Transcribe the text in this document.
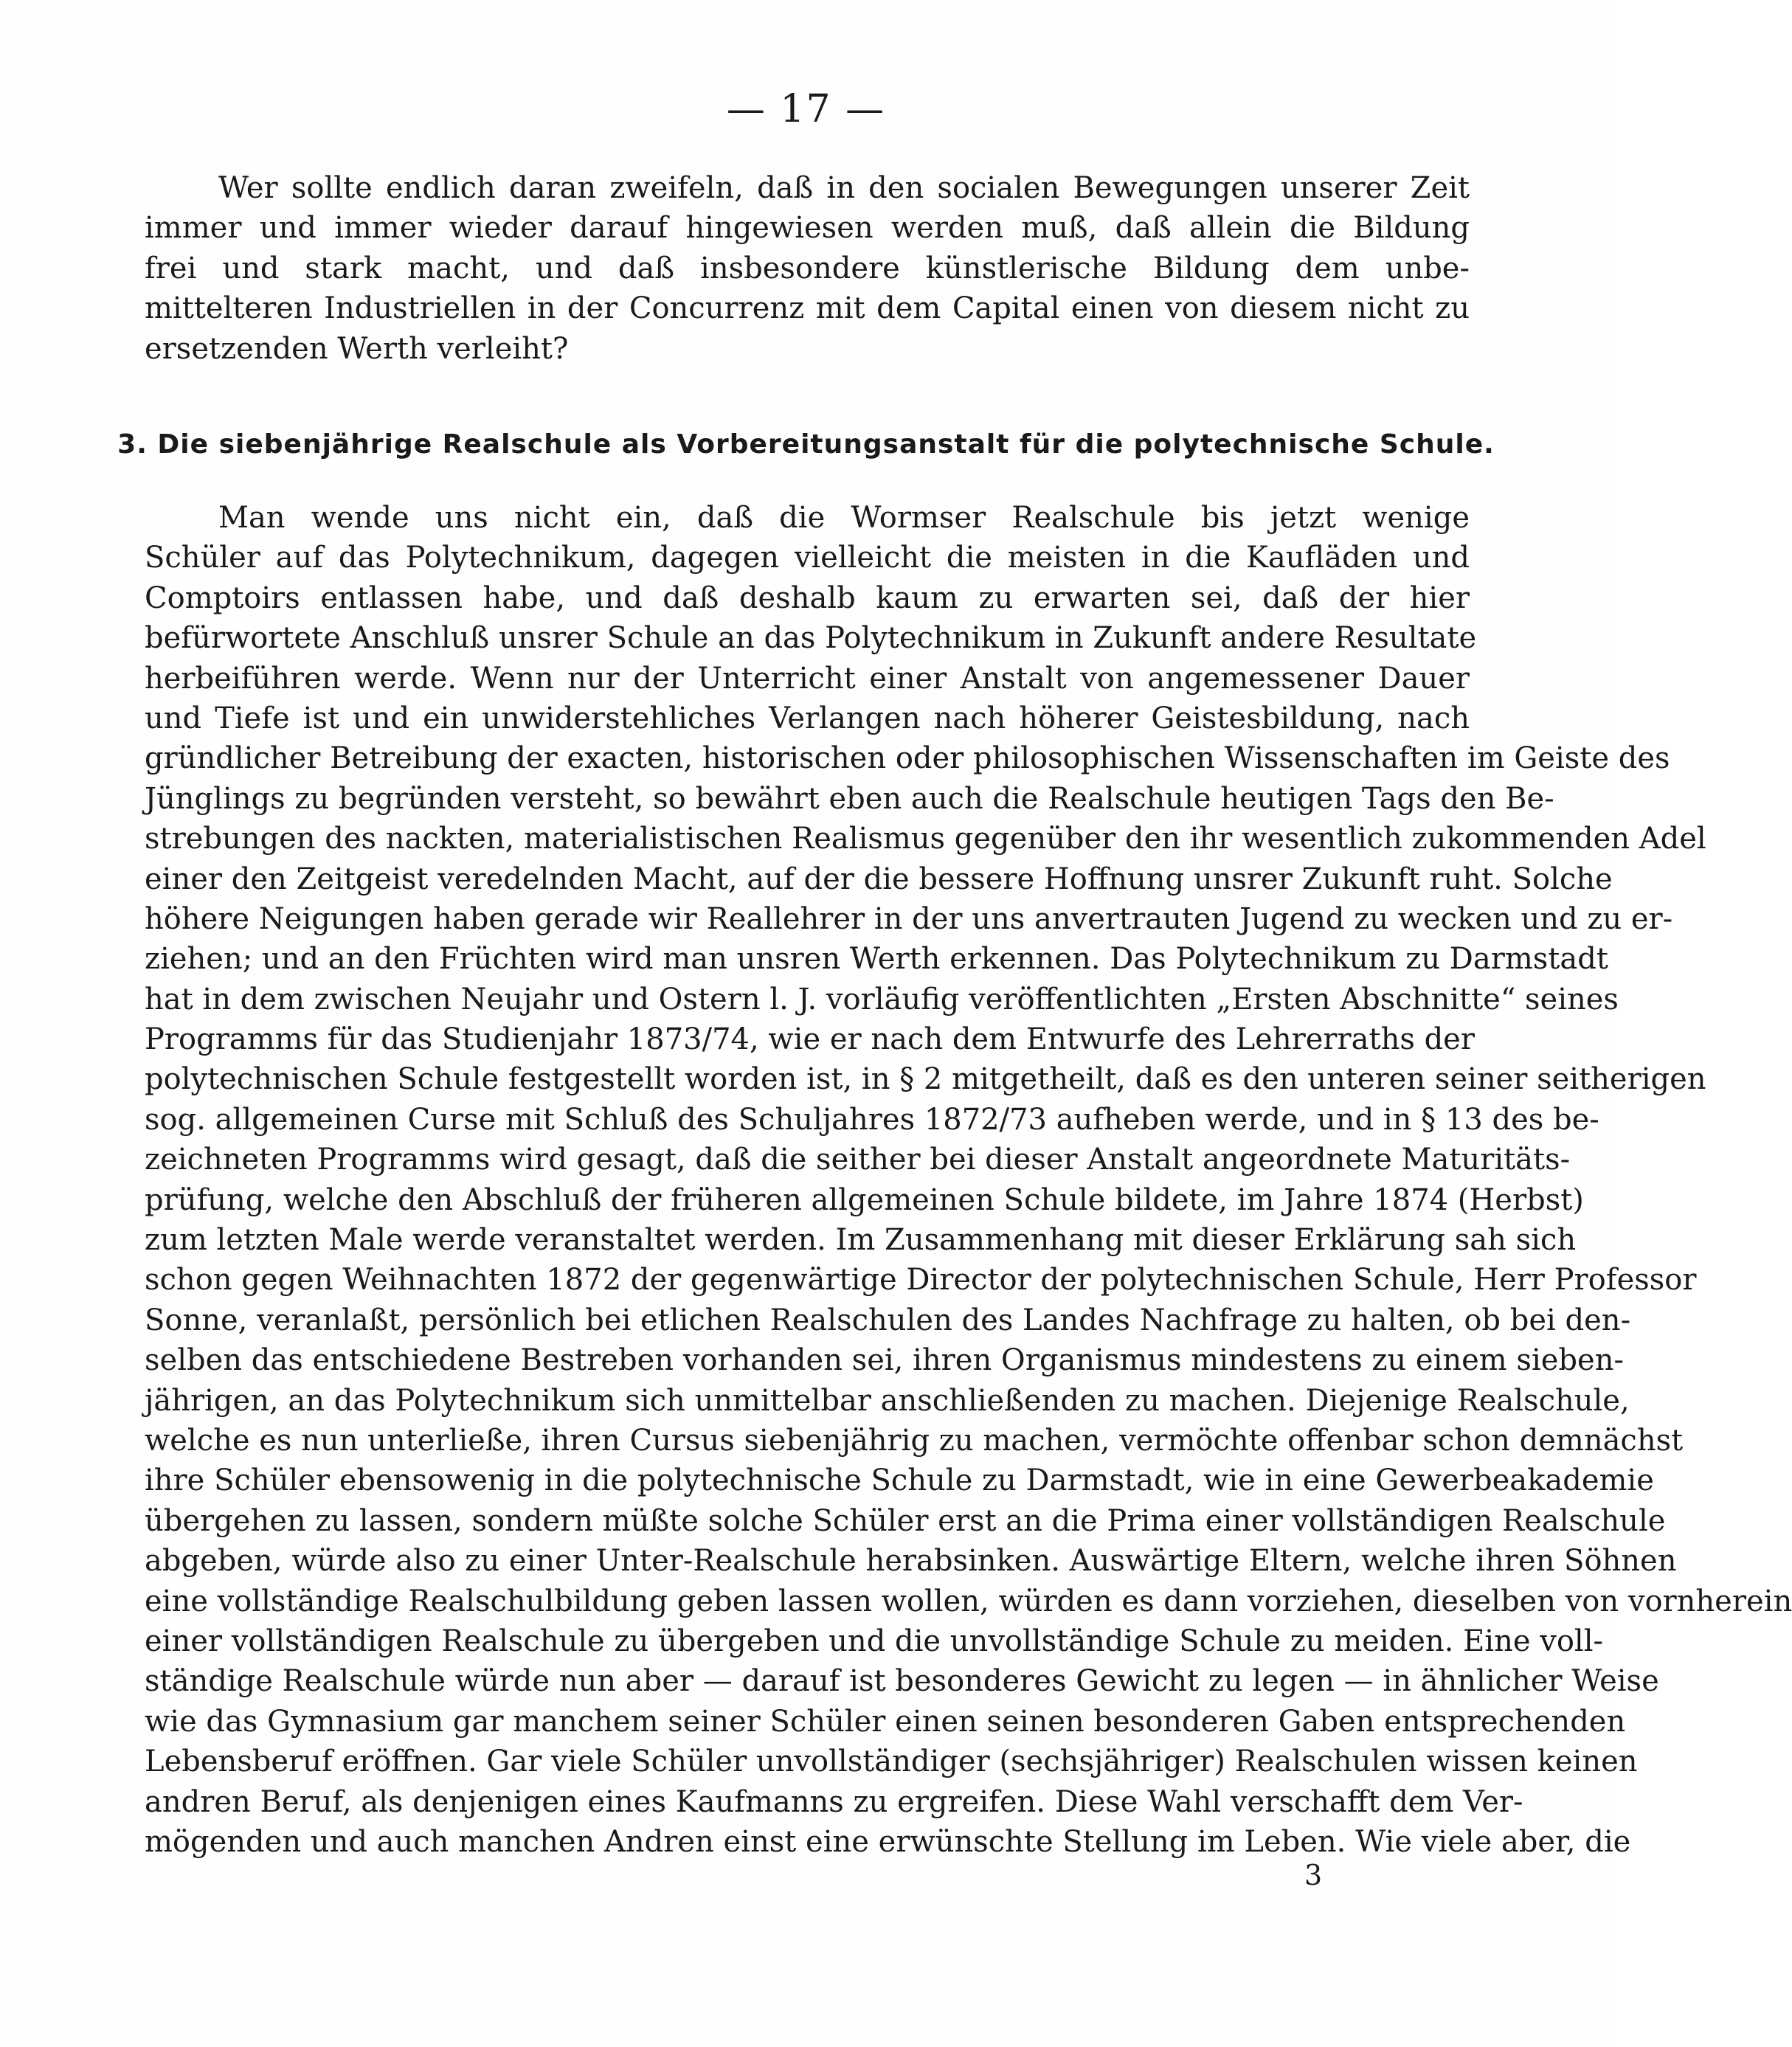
— 17 —
Wer sollte endlich daran zweifeln, daß in den socialen Bewegungen unserer Zeit
immer und immer wieder darauf hingewiesen werden muß, daß allein die Bildung
frei und stark macht, und daß insbesondere künstlerische Bildung dem unbe-
mittelteren Industriellen in der Concurrenz mit dem Capital einen von diesem nicht zu
ersetzenden Werth verleiht?
3. Die siebenjährige Realschule als Vorbereitungsanstalt für die polytechnische Schule.
Man wende uns nicht ein, daß die Wormser Realschule bis jetzt wenige
Schüler auf das Polytechnikum, dagegen vielleicht die meisten in die Kaufläden und
Comptoirs entlassen habe, und daß deshalb kaum zu erwarten sei, daß der hier
befürwortete Anschluß unsrer Schule an das Polytechnikum in Zukunft andere Resultate
herbeiführen werde. Wenn nur der Unterricht einer Anstalt von angemessener Dauer
und Tiefe ist und ein unwiderstehliches Verlangen nach höherer Geistesbildung, nach
gründlicher Betreibung der exacten, historischen oder philosophischen Wissenschaften im Geiste des
Jünglings zu begründen versteht, so bewährt eben auch die Realschule heutigen Tags den Be-
strebungen des nackten, materialistischen Realismus gegenüber den ihr wesentlich zukommenden Adel
einer den Zeitgeist veredelnden Macht, auf der die bessere Hoffnung unsrer Zukunft ruht. Solche
höhere Neigungen haben gerade wir Reallehrer in der uns anvertrauten Jugend zu wecken und zu er-
ziehen; und an den Früchten wird man unsren Werth erkennen. Das Polytechnikum zu Darmstadt
hat in dem zwischen Neujahr und Ostern l. J. vorläufig veröffentlichten „Ersten Abschnitte“ seines
Programms für das Studienjahr 1873/74, wie er nach dem Entwurfe des Lehrerraths der
polytechnischen Schule festgestellt worden ist, in § 2 mitgetheilt, daß es den unteren seiner seitherigen
sog. allgemeinen Curse mit Schluß des Schuljahres 1872/73 aufheben werde, und in § 13 des be-
zeichneten Programms wird gesagt, daß die seither bei dieser Anstalt angeordnete Maturitäts-
prüfung, welche den Abschluß der früheren allgemeinen Schule bildete, im Jahre 1874 (Herbst)
zum letzten Male werde veranstaltet werden. Im Zusammenhang mit dieser Erklärung sah sich
schon gegen Weihnachten 1872 der gegenwärtige Director der polytechnischen Schule, Herr Professor
Sonne, veranlaßt, persönlich bei etlichen Realschulen des Landes Nachfrage zu halten, ob bei den-
selben das entschiedene Bestreben vorhanden sei, ihren Organismus mindestens zu einem sieben-
jährigen, an das Polytechnikum sich unmittelbar anschließenden zu machen. Diejenige Realschule,
welche es nun unterließe, ihren Cursus siebenjährig zu machen, vermöchte offenbar schon demnächst
ihre Schüler ebensowenig in die polytechnische Schule zu Darmstadt, wie in eine Gewerbeakademie
übergehen zu lassen, sondern müßte solche Schüler erst an die Prima einer vollständigen Realschule
abgeben, würde also zu einer Unter-Realschule herabsinken. Auswärtige Eltern, welche ihren Söhnen
eine vollständige Realschulbildung geben lassen wollen, würden es dann vorziehen, dieselben von vornherein
einer vollständigen Realschule zu übergeben und die unvollständige Schule zu meiden. Eine voll-
ständige Realschule würde nun aber — darauf ist besonderes Gewicht zu legen — in ähnlicher Weise
wie das Gymnasium gar manchem seiner Schüler einen seinen besonderen Gaben entsprechenden
Lebensberuf eröffnen. Gar viele Schüler unvollständiger (sechsjähriger) Realschulen wissen keinen
andren Beruf, als denjenigen eines Kaufmanns zu ergreifen. Diese Wahl verschafft dem Ver-
mögenden und auch manchen Andren einst eine erwünschte Stellung im Leben. Wie viele aber, die
3
